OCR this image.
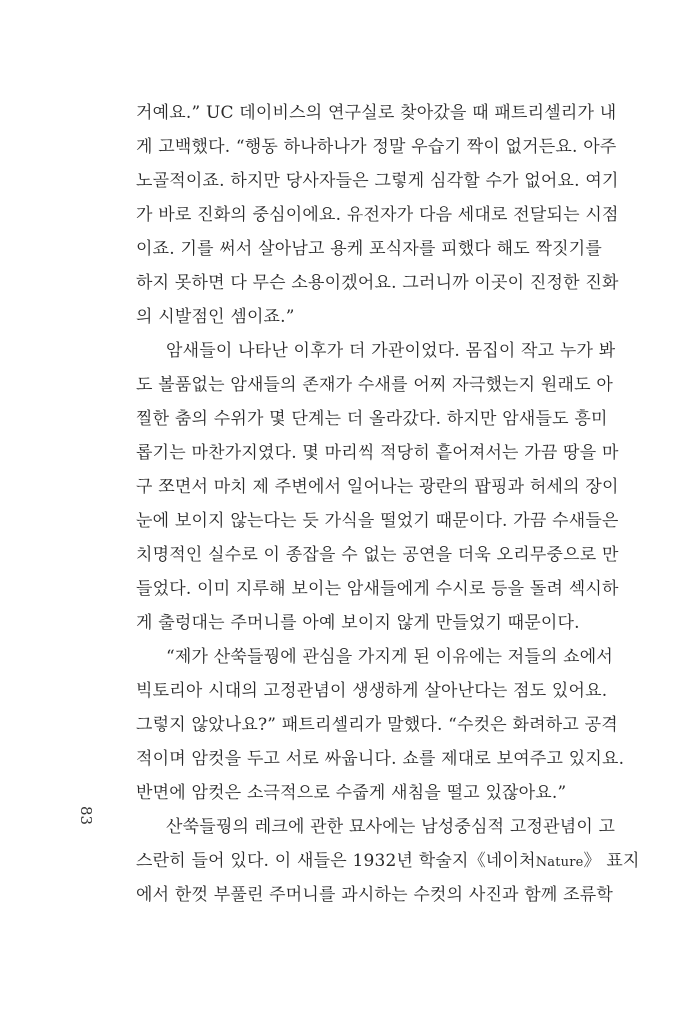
거예요.” UC 데이비스의 연구실로 찾아갔을 때 패트리셀리가 내
게 고백했다. “행동 하나하나가 정말 우습기 짝이 없거든요. 아주
노골적이죠. 하지만 당사자들은 그렇게 심각할 수가 없어요. 여기
가 바로 진화의 중심이에요. 유전자가 다음 세대로 전달되는 시점
이죠. 기를 써서 살아남고 용케 포식자를 피했다 해도 짝짓기를
하지 못하면 다 무슨 소용이겠어요. 그러니까 이곳이 진정한 진화
의 시발점인 셈이죠.”
암새들이 나타난 이후가 더 가관이었다. 몸집이 작고 누가 봐
도 볼품없는 암새들의 존재가 수새를 어찌 자극했는지 원래도 아
찔한 춤의 수위가 몇 단계는 더 올라갔다. 하지만 암새들도 흥미
롭기는 마찬가지였다. 몇 마리씩 적당히 흩어져서는 가끔 땅을 마
구 쪼면서 마치 제 주변에서 일어나는 광란의 팝핑과 허세의 장이
눈에 보이지 않는다는 듯 가식을 떨었기 때문이다. 가끔 수새들은
치명적인 실수로 이 종잡을 수 없는 공연을 더욱 오리무중으로 만
들었다. 이미 지루해 보이는 암새들에게 수시로 등을 돌려 섹시하
게 출렁대는 주머니를 아예 보이지 않게 만들었기 때문이다.
“제가 산쑥들꿩에 관심을 가지게 된 이유에는 저들의 쇼에서
빅토리아 시대의 고정관념이 생생하게 살아난다는 점도 있어요.
그렇지 않았나요?” 패트리셀리가 말했다. “수컷은 화려하고 공격
적이며 암컷을 두고 서로 싸웁니다. 쇼를 제대로 보여주고 있지요.
반면에 암컷은 소극적으로 수줍게 새침을 떨고 있잖아요.”
산쑥들꿩의 레크에 관한 묘사에는 남성중심적 고정관념이 고
스란히 들어 있다. 이 새들은 1932년 학술지《네이처Nature》 표지
에서 한껏 부풀린 주머니를 과시하는 수컷의 사진과 함께 조류학
83
